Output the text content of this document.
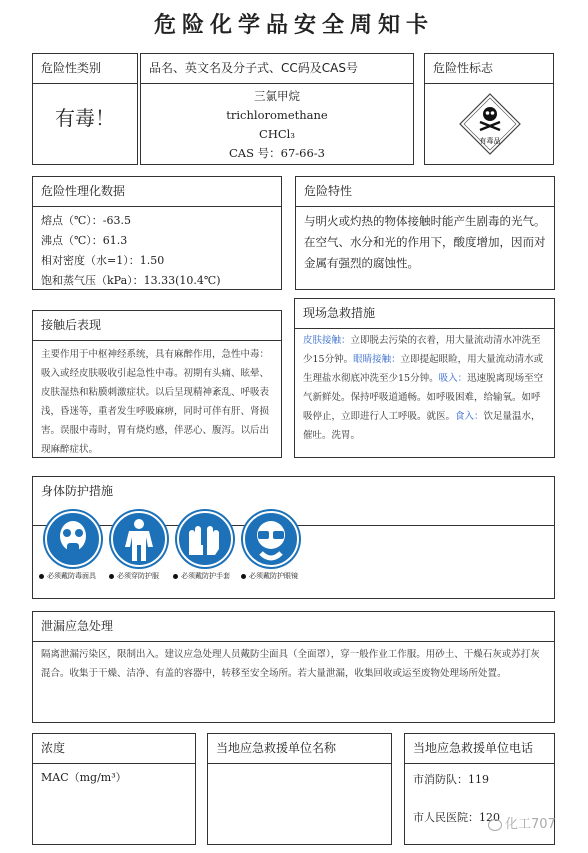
危险化学品安全周知卡
危险性类别
有毒！
品名、英文名及分子式、CC码及CAS号
三氯甲烷
trichloromethane
CHCl₃
CAS 号：67-66-3
危险性标志
有毒品
危险性理化数据
熔点（℃）：-63.5
沸点（℃）：61.3
相对密度（水=1）：1.50
饱和蒸气压（kPa）：13.33(10.4℃)
危险特性
与明火或灼热的物体接触时能产生剧毒的光气。在空气、水分和光的作用下，酸度增加，因而对金属有强烈的腐蚀性。
接触后表现
主要作用于中枢神经系统，具有麻醉作用，急性中毒：吸入或经皮肤吸收引起急性中毒。初期有头痛、眩晕、皮肤湿热和粘膜刺激症状。以后呈现精神紊乱、呼吸表浅，昏迷等，重者发生呼吸麻痹，同时可伴有肝、肾损害。误服中毒时，胃有烧灼感，伴恶心、腹泻。以后出现麻醉症状。
现场急救措施
皮肤接触：立即脱去污染的衣着，用大量流动清水冲洗至少15分钟。眼睛接触：立即提起眼睑，用大量流动清水或生理盐水彻底冲洗至少15分钟。吸入：迅速脱离现场至空气新鲜处。保持呼吸道通畅。如呼吸困难，给输氧。如呼吸停止，立即进行人工呼吸。就医。食入：饮足量温水，催吐。洗胃。
身体防护措施
必须戴防毒面具	必须穿防护服	必须戴防护手套	必须戴防护眼镜
泄漏应急处理
隔离泄漏污染区，限制出入。建议应急处理人员戴防尘面具（全面罩），穿一般作业工作服。用砂土、干燥石灰或苏打灰混合。收集于干燥、洁净、有盖的容器中，转移至安全场所。若大量泄漏，收集回收或运至废物处理场所处置。
浓度
MAC（mg/m³）
当地应急救援单位名称	当地应急救援单位电话
市消防队：119
市人民医院：120 化工707
